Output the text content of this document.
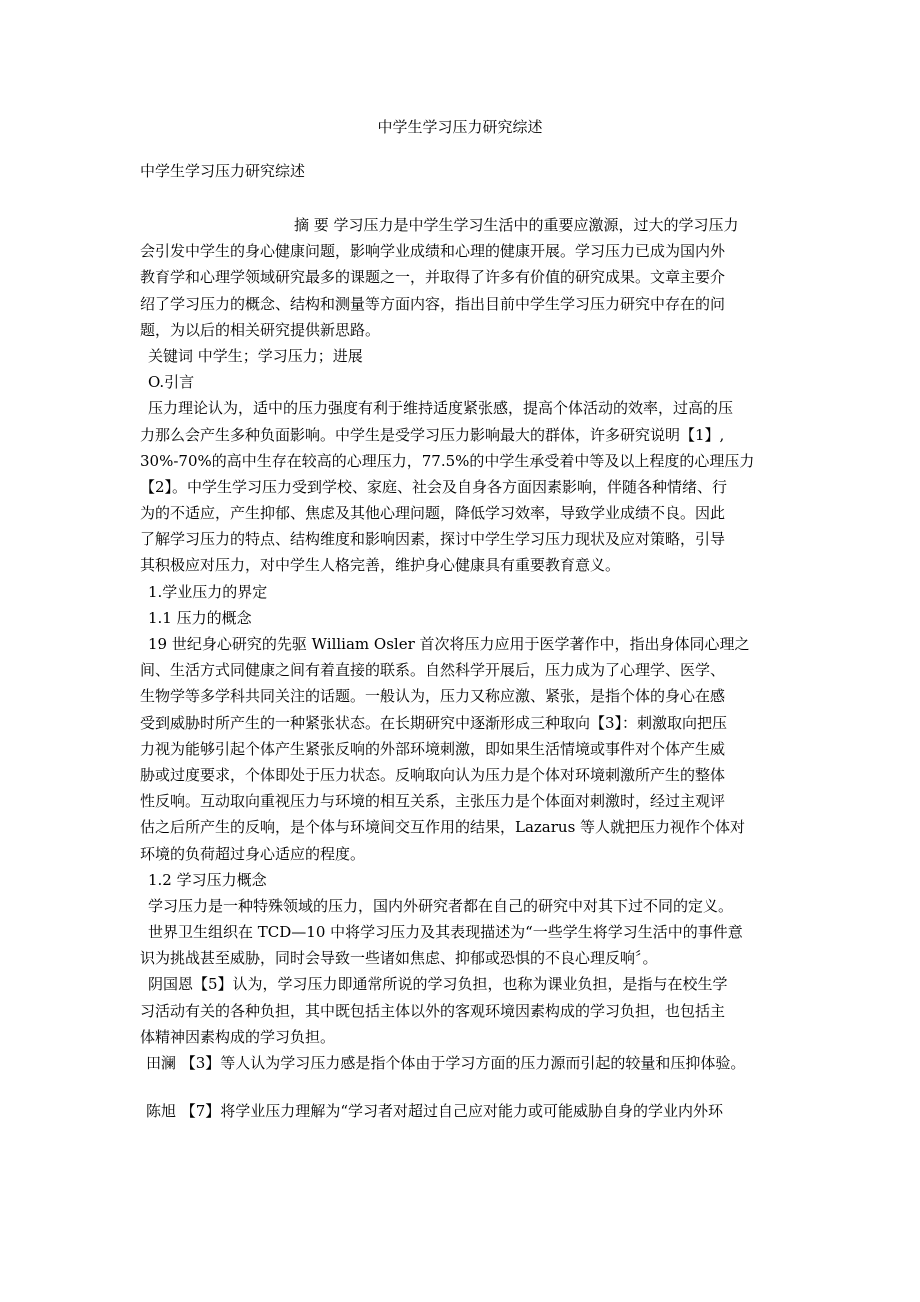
中学生学习压力研究综述
中学生学习压力研究综述
摘 要 学习压力是中学生学习生活中的重要应激源，过大的学习压力
会引发中学生的身心健康问题，影响学业成绩和心理的健康开展。学习压力已成为国内外
教育学和心理学领域研究最多的课题之一，并取得了许多有价值的研究成果。文章主要介
绍了学习压力的概念、结构和测量等方面内容，指出目前中学生学习压力研究中存在的问
题，为以后的相关研究提供新思路。
关键词 中学生；学习压力；进展
O.引言
压力理论认为，适中的压力强度有利于维持适度紧张感，提高个体活动的效率，过高的压
力那么会产生多种负面影响。中学生是受学习压力影响最大的群体，许多研究说明【1】,
30%-70%的高中生存在较高的心理压力，77.5%的中学生承受着中等及以上程度的心理压力
【2】。中学生学习压力受到学校、家庭、社会及自身各方面因素影响，伴随各种情绪、行
为的不适应，产生抑郁、焦虑及其他心理问题，降低学习效率，导致学业成绩不良。因此
了解学习压力的特点、结构维度和影响因素，探讨中学生学习压力现状及应对策略，引导
其积极应对压力，对中学生人格完善，维护身心健康具有重要教育意义。
1.学业压力的界定
1.1 压力的概念
19 世纪身心研究的先驱 William Osler 首次将压力应用于医学著作中，指出身体同心理之
间、生活方式同健康之间有着直接的联系。自然科学开展后，压力成为了心理学、医学、
生物学等多学科共同关注的话题。一般认为，压力又称应激、紧张，是指个体的身心在感
受到威胁时所产生的一种紧张状态。在长期研究中逐渐形成三种取向【3】：刺激取向把压
力视为能够引起个体产生紧张反响的外部环境刺激，即如果生活情境或事件对个体产生威
胁或过度要求，个体即处于压力状态。反响取向认为压力是个体对环境刺激所产生的整体
性反响。互动取向重视压力与环境的相互关系，主张压力是个体面对刺激时，经过主观评
估之后所产生的反响，是个体与环境间交互作用的结果，Lazarus 等人就把压力视作个体对
环境的负荷超过身心适应的程度。
1.2 学习压力概念
学习压力是一种特殊领域的压力，国内外研究者都在自己的研究中对其下过不同的定义。
世界卫生组织在 TCD—10 中将学习压力及其表现描述为“一些学生将学习生活中的事件意
识为挑战甚至威胁，同时会导致一些诸如焦虑、抑郁或恐惧的不良心理反响〞。
阴国恩【5】认为，学习压力即通常所说的学习负担，也称为课业负担，是指与在校生学
习活动有关的各种负担，其中既包括主体以外的客观环境因素构成的学习负担，也包括主
体精神因素构成的学习负担。
田澜 【3】等人认为学习压力感是指个体由于学习方面的压力源而引起的较量和压抑体验。
陈旭 【7】将学业压力理解为“学习者对超过自己应对能力或可能威胁自身的学业内外环
